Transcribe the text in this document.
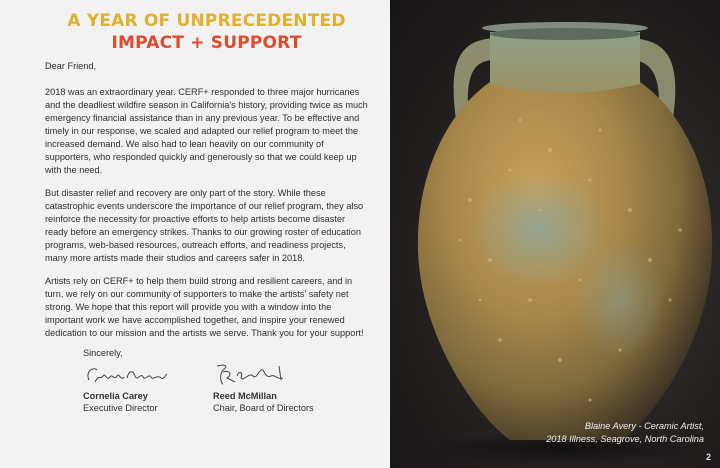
A YEAR OF UNPRECEDENTED
IMPACT + SUPPORT

Dear Friend,

2018 was an extraordinary year. CERF+ responded to three major hurricanes and the deadliest wildfire season in California's history, providing twice as much emergency financial assistance than in any previous year. To be effective and timely in our response, we scaled and adapted our relief program to meet the increased demand. We also had to lean heavily on our community of supporters, who responded quickly and generously so that we could keep up with the need.

But disaster relief and recovery are only part of the story. While these catastrophic events underscore the importance of our relief program, they also reinforce the necessity for proactive efforts to help artists become disaster ready before an emergency strikes. Thanks to our growing roster of education programs, web-based resources, outreach efforts, and readiness projects, many more artists made their studios and careers safer in 2018.

Artists rely on CERF+ to help them build strong and resilient careers, and in turn, we rely on our community of supporters to make the artists' safety net strong. We hope that this report will provide you with a window into the important work we have accomplished together, and inspire your renewed dedication to our mission and the artists we serve. Thank you for your support!

Sincerely,
Cornelia Carey
Executive Director
Reed McMillan
Chair, Board of Directors
Blaine Avery - Ceramic Artist,
2018 Illness, Seagrove, North Carolina
2
